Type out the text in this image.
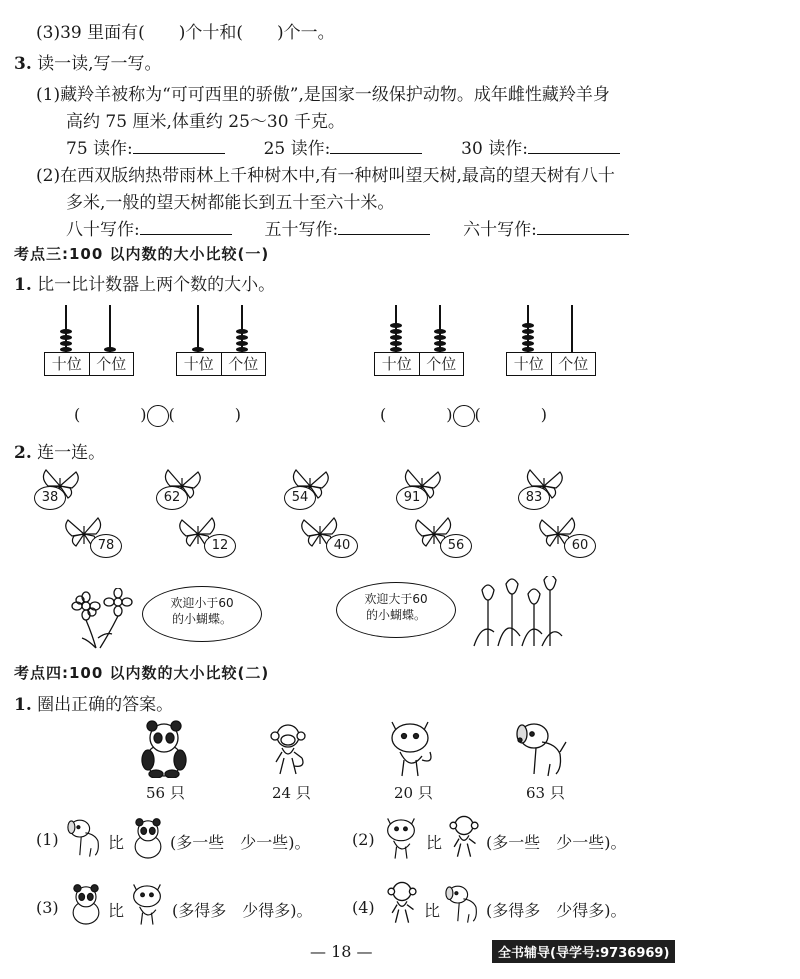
(3)39 里面有(　　)个十和(　　)个一。
3. 读一读,写一写。
(1)藏羚羊被称为“可可西里的骄傲”,是国家一级保护动物。成年雌性藏羚羊身
高约 75 厘米,体重约 25～30 千克。
75 读作:	25 读作:	30 读作:
(2)在西双版纳热带雨林上千种树木中,有一种树叫望天树,最高的望天树有八十
多米,一般的望天树都能长到五十至六十米。
八十写作:	五十写作:	六十写作:
考点三:100 以内数的大小比较(一)
1. 比一比计数器上两个数的大小。
十位 个位	十位 个位	十位 个位	十位 个位
(	) (	)	(	) (	)
2. 连一连。
38	62	54	91	83
78	12	40	56	60
欢迎小于60
的小蝴蝶。
欢迎大于60
的小蝴蝶。
考点四:100 以内数的大小比较(二)
1. 圈出正确的答案。
56 只	24 只	20 只	63 只
(1)	比	(多一些　少一些)。	(2)	比	(多一些　少一些)。
(3)	比	(多得多　少得多)。 (4)	比	(多得多　少得多)。
— 18 —	全书辅导(导学号:9736969)
